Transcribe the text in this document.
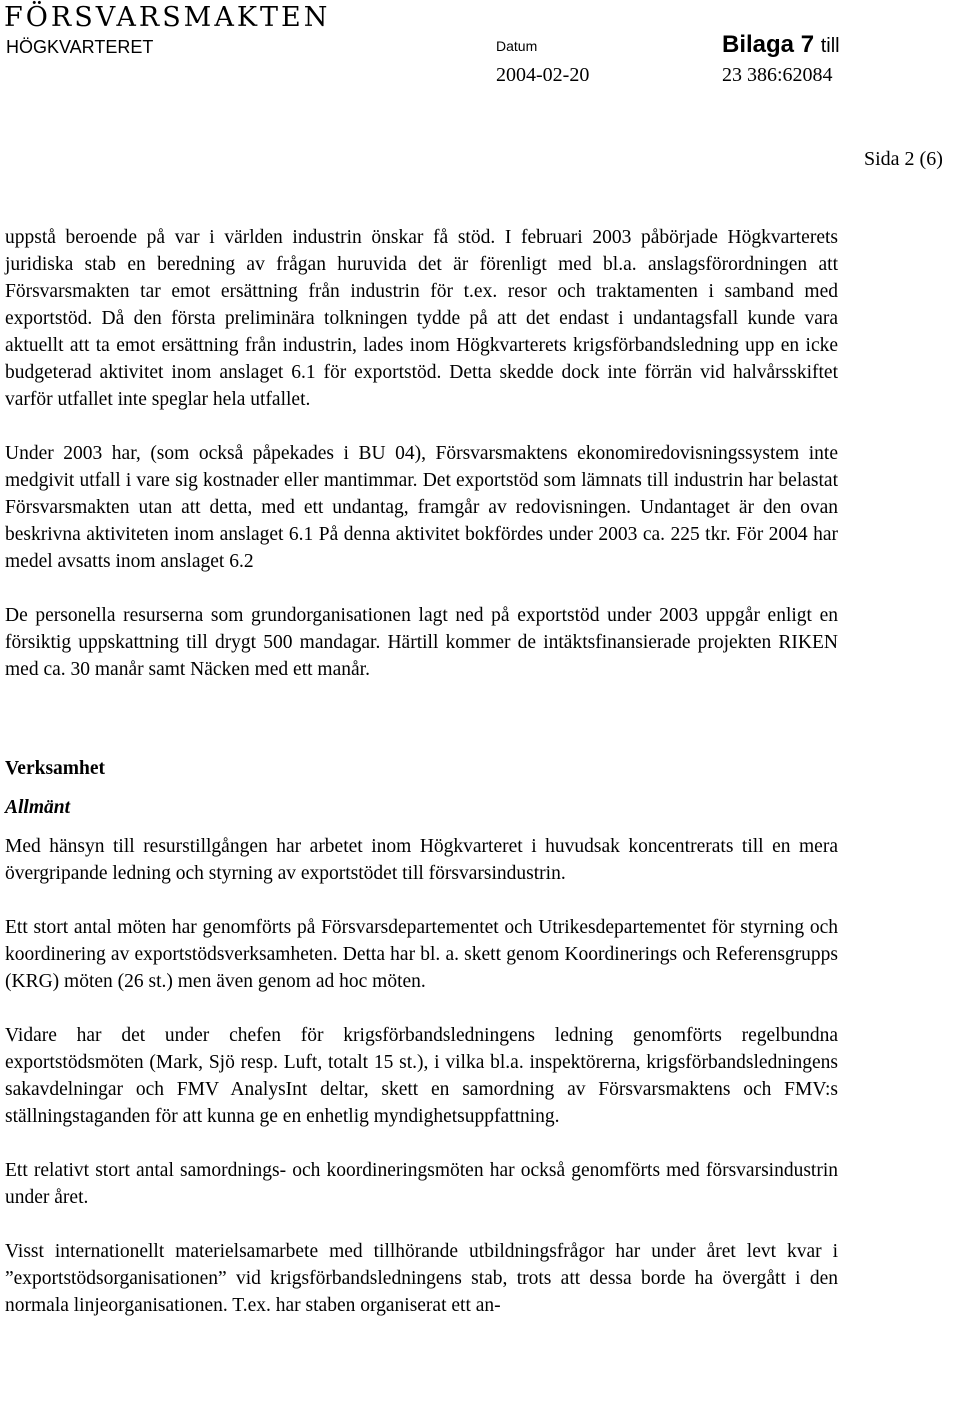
FÖRSVARSMAKTEN
HÖGKVARTERET	Datum	Bilaga 7 till
2004-02-20	23 386:62084
Sida 2 (6)

uppstå beroende på var i världen industrin önskar få stöd. I februari 2003 påbörjade Högkvarterets juridiska stab en beredning av frågan huruvida det är förenligt med bl.a. anslagsförordningen att Försvarsmakten tar emot ersättning från industrin för t.ex. resor och traktamenten i samband med exportstöd. Då den första preliminära tolkningen tydde på att det endast i undantagsfall kunde vara aktuellt att ta emot ersättning från industrin, lades inom Högkvarterets krigsförbandsledning upp en icke budgeterad aktivitet inom anslaget 6.1 för exportstöd. Detta skedde dock inte förrän vid halvårsskiftet varför utfallet inte speglar hela utfallet.

Under 2003 har, (som också påpekades i BU 04), Försvarsmaktens ekonomiredovisningssystem inte medgivit utfall i vare sig kostnader eller mantimmar. Det exportstöd som lämnats till industrin har belastat Försvarsmakten utan att detta, med ett undantag, framgår av redovisningen. Undantaget är den ovan beskrivna aktiviteten inom anslaget 6.1 På denna aktivitet bokfördes under 2003 ca. 225 tkr. För 2004 har medel avsatts inom anslaget 6.2

De personella resurserna som grundorganisationen lagt ned på exportstöd under 2003 uppgår enligt en försiktig uppskattning till drygt 500 mandagar. Härtill kommer de intäktsfinansierade projekten RIKEN med ca. 30 manår samt Näcken med ett manår.

Verksamhet
Allmänt

Med hänsyn till resurstillgången har arbetet inom Högkvarteret i huvudsak koncentrerats till en mera övergripande ledning och styrning av exportstödet till försvarsindustrin.

Ett stort antal möten har genomförts på Försvarsdepartementet och Utrikesdepartementet för styrning och koordinering av exportstödsverksamheten. Detta har bl. a. skett genom Koordinerings och Referensgrupps (KRG) möten (26 st.) men även genom ad hoc möten.

Vidare har det under chefen för krigsförbandsledningens ledning genomförts regelbundna exportstödsmöten (Mark, Sjö resp. Luft, totalt 15 st.), i vilka bl.a. inspektörerna, krigsförbandsledningens sakavdelningar och FMV AnalysInt deltar, skett en samordning av Försvarsmaktens och FMV:s ställningstaganden för att kunna ge en enhetlig myndighetsuppfattning.

Ett relativt stort antal samordnings- och koordineringsmöten har också genomförts med försvarsindustrin under året.

Visst internationellt materielsamarbete med tillhörande utbildningsfrågor har under året levt kvar i ”exportstödsorganisationen” vid krigsförbandsledningens stab, trots att dessa borde ha övergått i den normala linjeorganisationen. T.ex. har staben organiserat ett an-
